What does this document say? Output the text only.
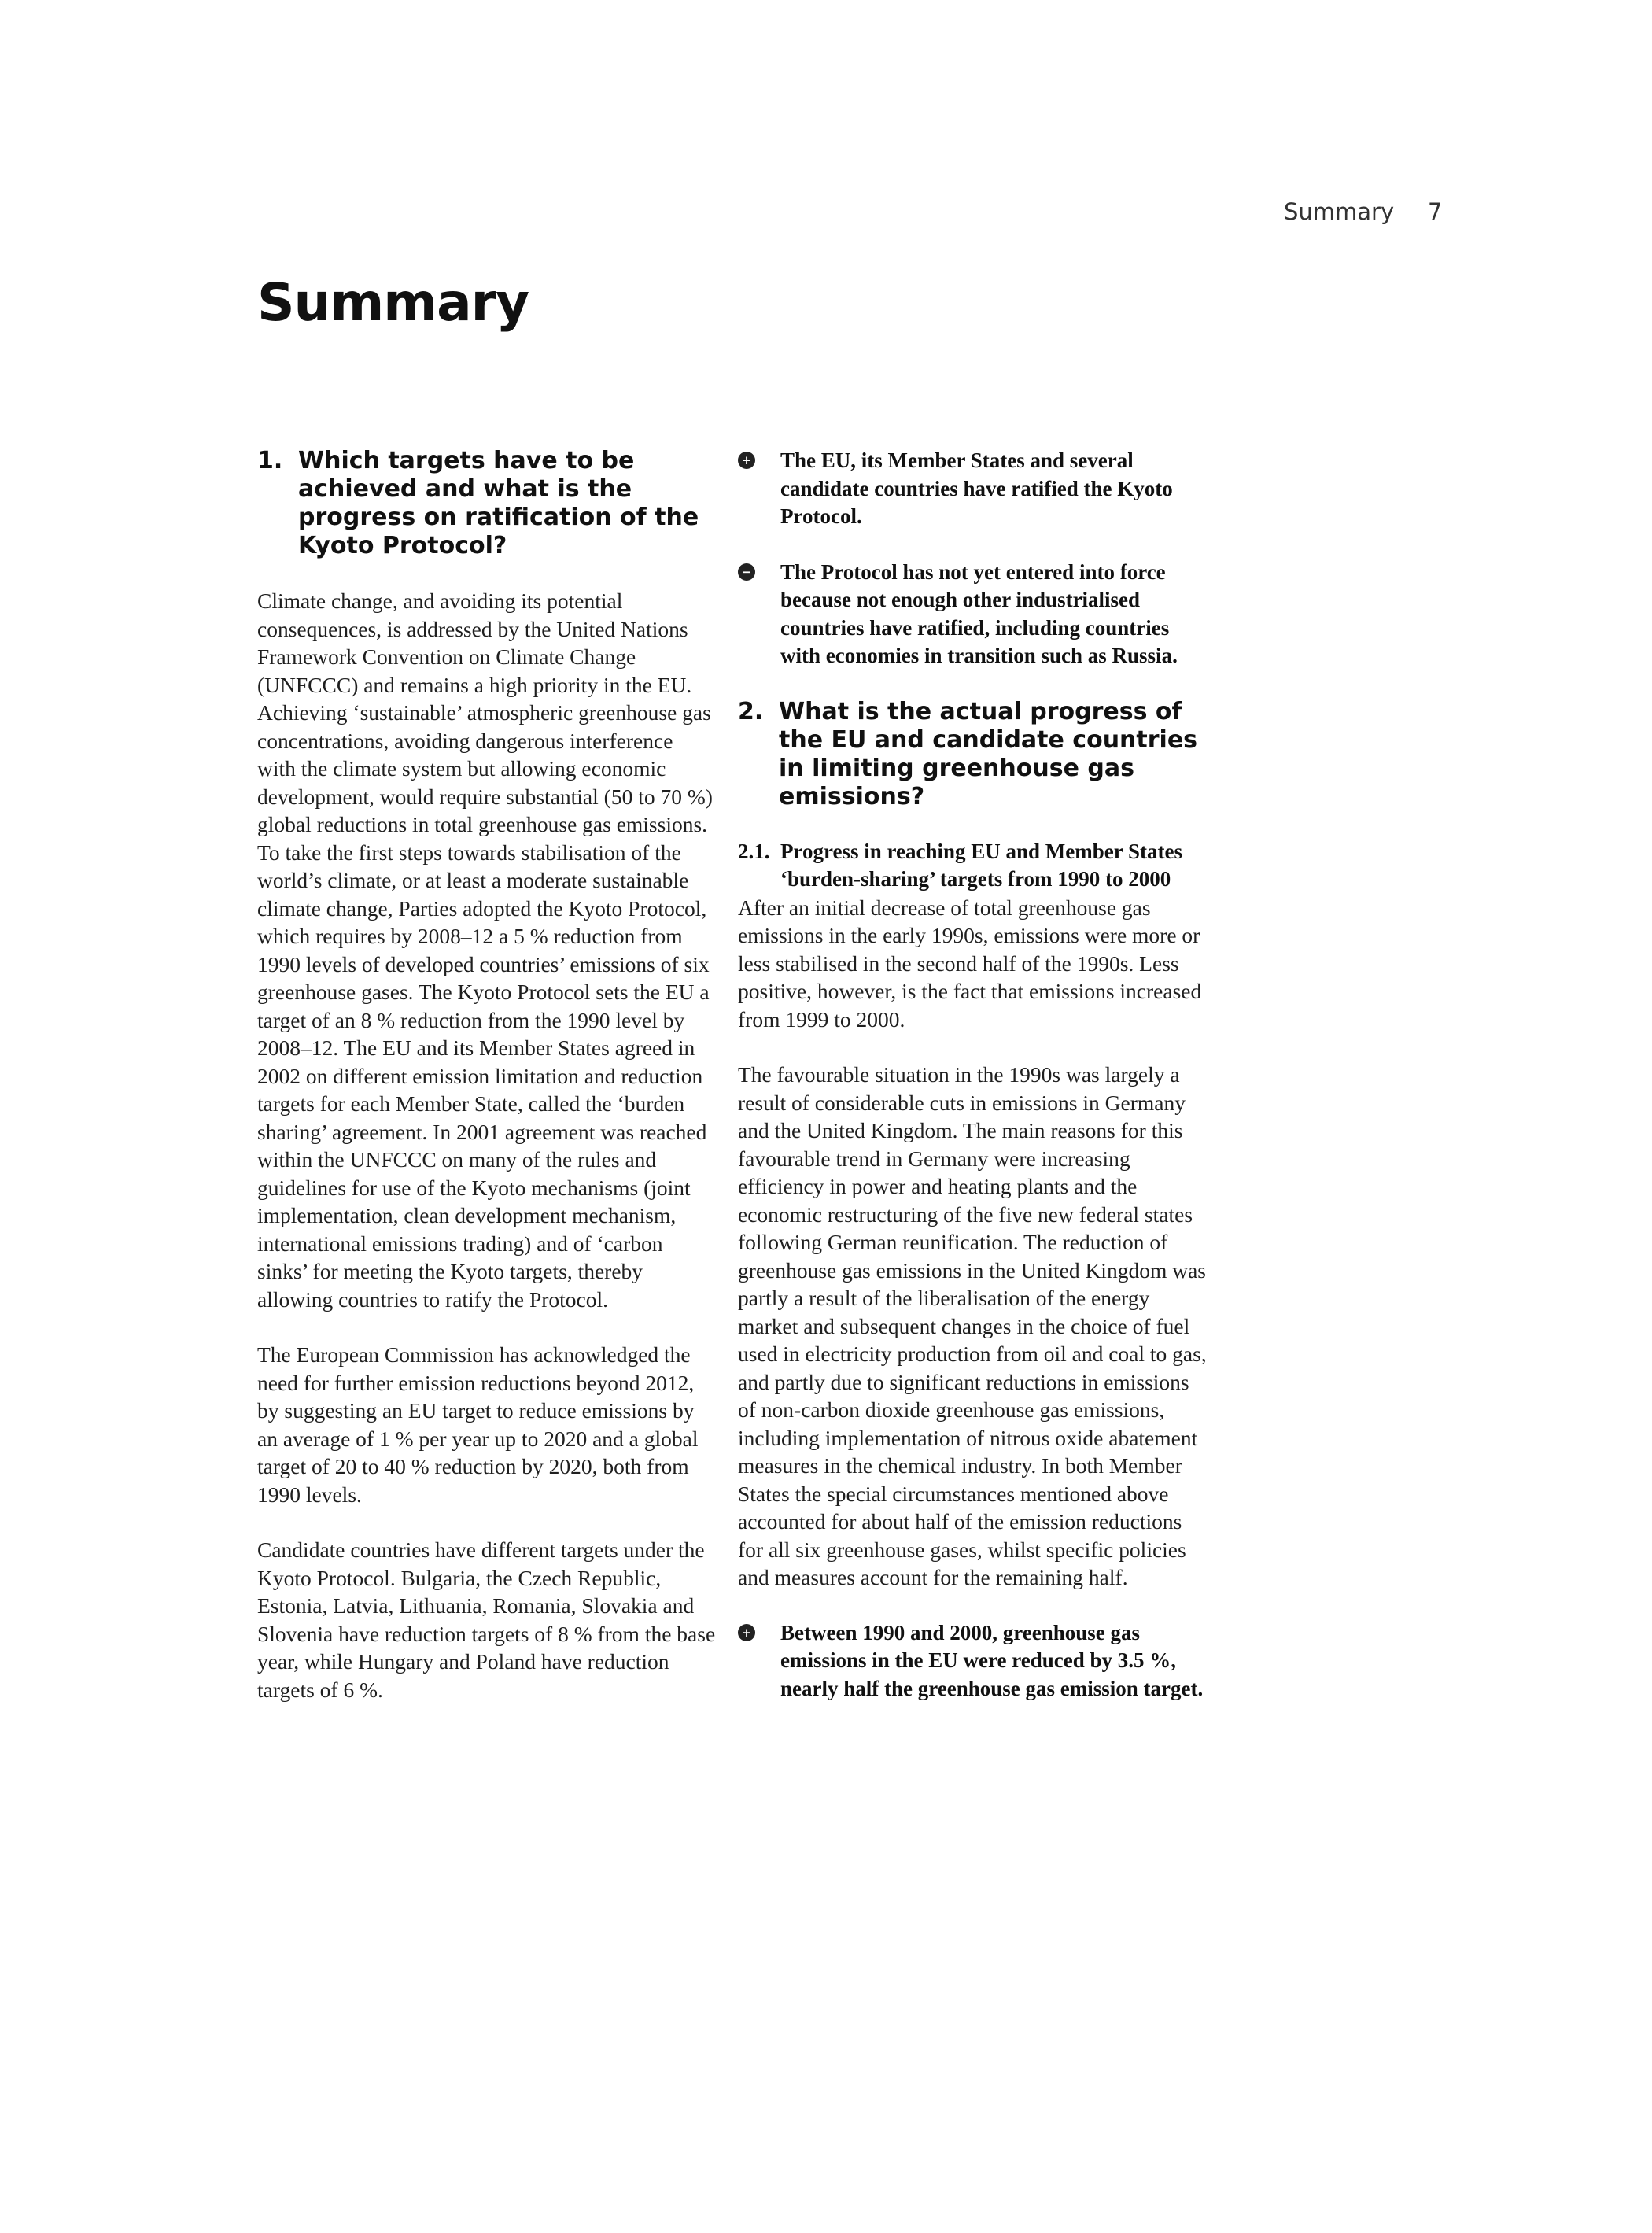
Summary 7
Summary
1. Which targets have to be achieved and what is the progress on ratification of the Kyoto Protocol?

Climate change, and avoiding its potential consequences, is addressed by the United Nations Framework Convention on Climate Change (UNFCCC) and remains a high priority in the EU. Achieving ‘sustainable’ atmospheric greenhouse gas concentrations, avoiding dangerous interference with the climate system but allowing economic development, would require substantial (50 to 70 %) global reductions in total greenhouse gas emissions. To take the first steps towards stabilisation of the world’s climate, or at least a moderate sustainable climate change, Parties adopted the Kyoto Protocol, which requires by 2008–12 a 5 % reduction from 1990 levels of developed countries’ emissions of six greenhouse gases. The Kyoto Protocol sets the EU a target of an 8 % reduction from the 1990 level by 2008–12. The EU and its Member States agreed in 2002 on different emission limitation and reduction targets for each Member State, called the ‘burden sharing’ agreement. In 2001 agreement was reached within the UNFCCC on many of the rules and guidelines for use of the Kyoto mechanisms (joint implementation, clean development mechanism, international emissions trading) and of ‘carbon sinks’ for meeting the Kyoto targets, thereby allowing countries to ratify the Protocol.

The European Commission has acknowledged the need for further emission reductions beyond 2012, by suggesting an EU target to reduce emissions by an average of 1 % per year up to 2020 and a global target of 20 to 40 % reduction by 2020, both from 1990 levels.

Candidate countries have different targets under the Kyoto Protocol. Bulgaria, the Czech Republic, Estonia, Latvia, Lithuania, Romania, Slovakia and Slovenia have reduction targets of 8 % from the base year, while Hungary and Poland have reduction targets of 6 %.

+ The EU, its Member States and several candidate countries have ratified the Kyoto Protocol.
− The Protocol has not yet entered into force because not enough other industrialised countries have ratified, including countries with economies in transition such as Russia.
2. What is the actual progress of the EU and candidate countries in limiting greenhouse gas emissions?
2.1. Progress in reaching EU and Member States ‘burden-sharing’ targets from 1990 to 2000

After an initial decrease of total greenhouse gas emissions in the early 1990s, emissions were more or less stabilised in the second half of the 1990s. Less positive, however, is the fact that emissions increased from 1999 to 2000.

The favourable situation in the 1990s was largely a result of considerable cuts in emissions in Germany and the United Kingdom. The main reasons for this favourable trend in Germany were increasing efficiency in power and heating plants and the economic restructuring of the five new federal states following German reunification. The reduction of greenhouse gas emissions in the United Kingdom was partly a result of the liberalisation of the energy market and subsequent changes in the choice of fuel used in electricity production from oil and coal to gas, and partly due to significant reductions in emissions of non-carbon dioxide greenhouse gas emissions, including implementation of nitrous oxide abatement measures in the chemical industry. In both Member States the special circumstances mentioned above accounted for about half of the emission reductions for all six greenhouse gases, whilst specific policies and measures account for the remaining half.

+ Between 1990 and 2000, greenhouse gas emissions in the EU were reduced by 3.5 %, nearly half the greenhouse gas emission target.
